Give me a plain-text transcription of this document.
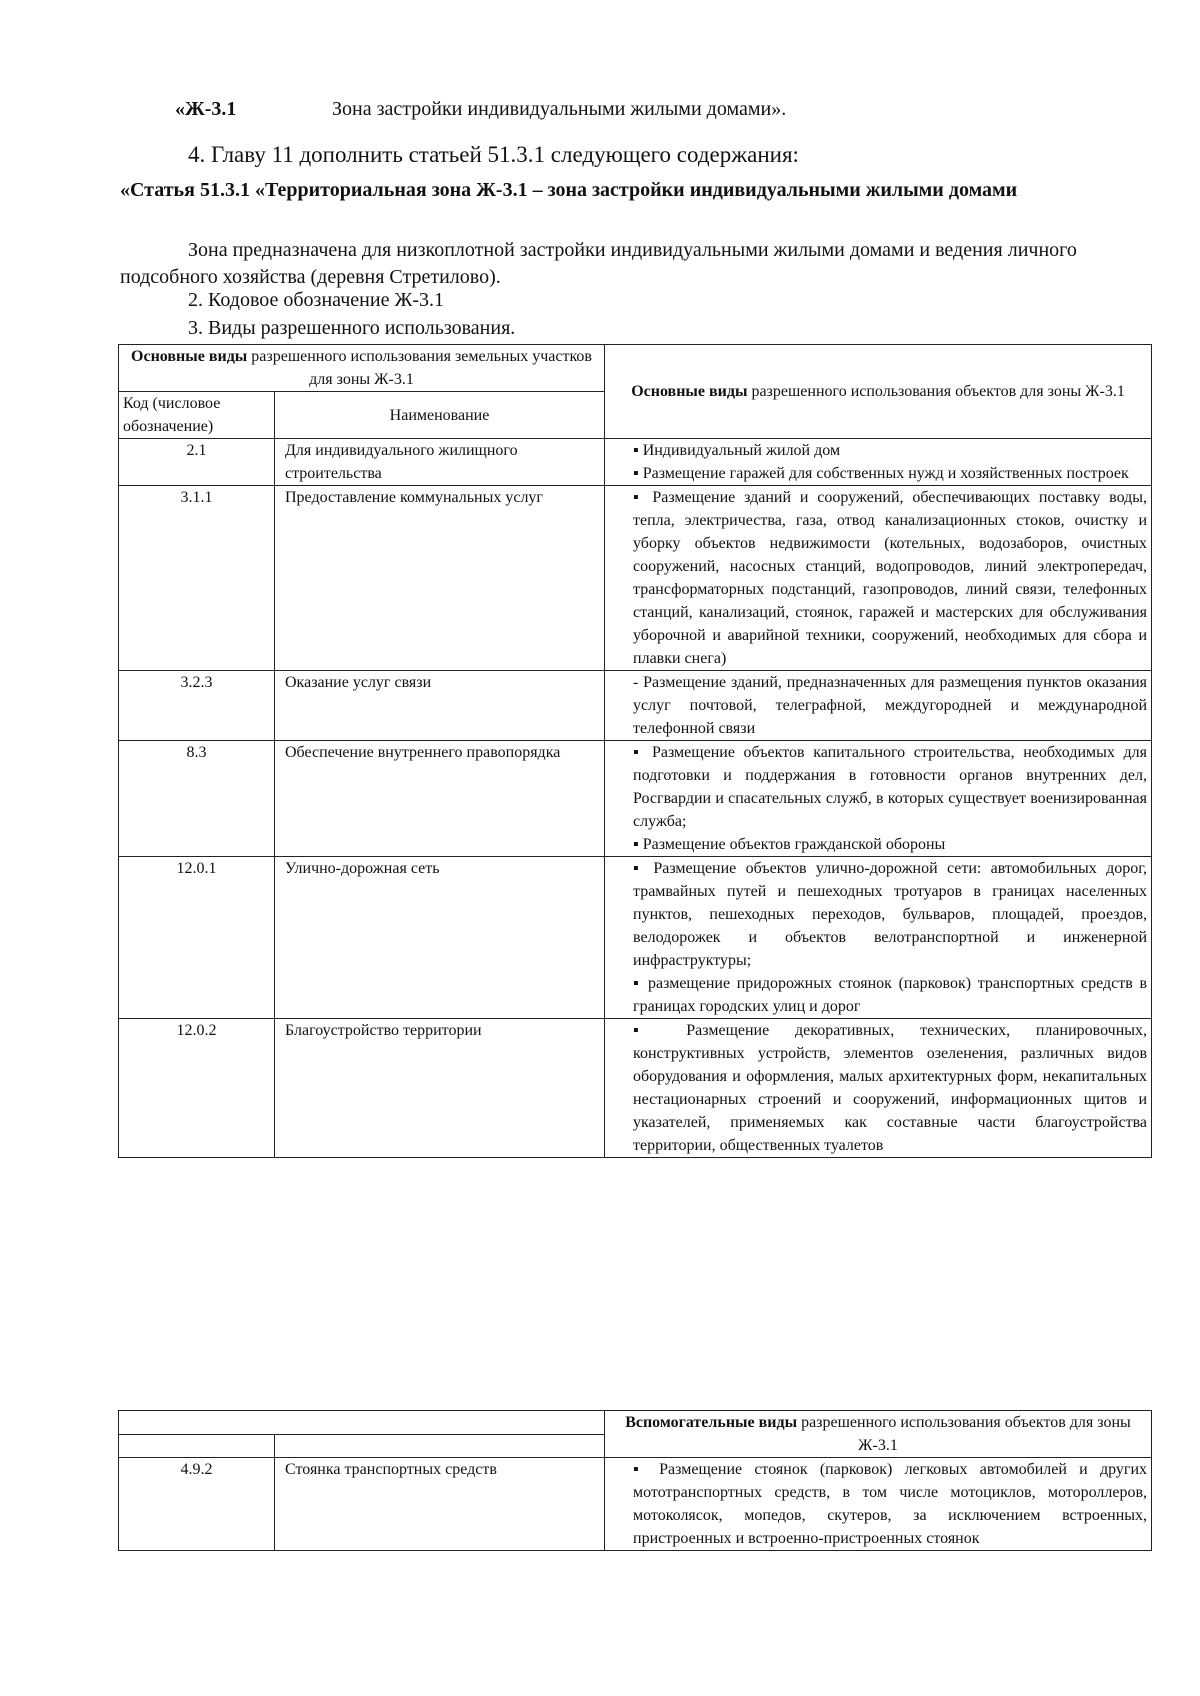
«Ж-3.1	Зона застройки индивидуальными жилыми домами».
4. Главу 11 дополнить статьей 51.3.1 следующего содержания:
«Статья 51.3.1 «Территориальная зона Ж-3.1 – зона застройки индивидуальными жилыми домами
Зона предназначена для низкоплотной застройки индивидуальными жилыми домами и ведения личного подсобного хозяйства (деревня Стретилово).
2. Кодовое обозначение Ж-3.1
3. Виды разрешенного использования.
Основные виды разрешенного использования земельных участков для зоны Ж-3.1		Основные виды разрешенного использования объектов для зоны Ж-3.1
Код (числовое обозначение)	Наименование	
2.1	Для индивидуального жилищного строительства	▪ Индивидуальный жилой дом
▪ Размещение гаражей для собственных нужд и хозяйственных построек

3.1.1	Предоставление коммунальных услуг	▪ Размещение зданий и сооружений, обеспечивающих поставку воды, тепла, электричества, газа, отвод канализационных стоков, очистку и уборку объектов недвижимости (котельных, водозаборов, очистных сооружений, насосных станций, водопроводов, линий электропередач, трансформаторных подстанций, газопроводов, линий связи, телефонных станций, канализаций, стоянок, гаражей и мастерских для обслуживания уборочной и аварийной техники, сооружений, необходимых для сбора и плавки снега)

3.2.3	Оказание услуг связи	- Размещение зданий, предназначенных для размещения пунктов оказания услуг почтовой, телеграфной, междугородней и международной телефонной связи

8.3	Обеспечение внутреннего правопорядка	▪ Размещение объектов капитального строительства, необходимых для подготовки и поддержания в готовности органов внутренних дел, Росгвардии и спасательных служб, в которых существует военизированная служба;
▪ Размещение объектов гражданской обороны

12.0.1	Улично-дорожная сеть	▪ Размещение объектов улично-дорожной сети: автомобильных дорог, трамвайных путей и пешеходных тротуаров в границах населенных пунктов, пешеходных переходов, бульваров, площадей, проездов, велодорожек и объектов велотранспортной и инженерной инфраструктуры;
▪ размещение придорожных стоянок (парковок) транспортных средств в границах городских улиц и дорог

12.0.2	Благоустройство территории	▪ Размещение декоративных, технических, планировочных, конструктивных устройств, элементов озеленения, различных видов оборудования и оформления, малых архитектурных форм, некапитальных нестационарных строений и сооружений, информационных щитов и указателей, применяемых как составные части благоустройства территории, общественных туалетов
		Вспомогательные виды разрешенного использования объектов для зоны Ж-3.1

4.9.2	Стоянка транспортных средств	▪ Размещение стоянок (парковок) легковых автомобилей и других мототранспортных средств, в том числе мотоциклов, мотороллеров, мотоколясок, мопедов, скутеров, за исключением встроенных, пристроенных и встроенно-пристроенных стоянок
